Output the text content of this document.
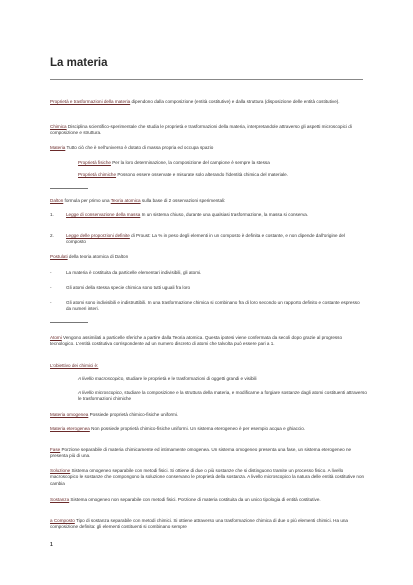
La materia
Proprietà e trasformazioni della materia dipendono dalla composizione (entità costitutive) e dalla struttura (disposizione delle entità costitutive).
Chimica Disciplina scientifico-sperimentale che studia le proprietà e trasformazioni della materia, interpretandole attraverso gli aspetti microscopici di composizione e struttura.
Materia Tutto ciò che è nell'universo è dotato di massa propria ed occupa spazio
Proprietà fisiche Per la loro determinazione, la composizione del campione è sempre la stessa
Proprietà chimiche Possono essere osservate e misurate solo alterando l'identità chimica del materiale.
Dalton formula per primo una Teoria atomica sulla base di 2 osservazioni sperimentali:
1.	Legge di conservazione della massa In un sistema chiuso, durante una qualsiasi trasformazione, la massa si conserva.
2.	Legge delle proporzioni definite di Proust: La % in peso degli elementi in un composto è definita e costante, e non dipende dall'origine del composto
Postulati della teoria atomica di Dalton
-	La materia è costituita da particelle elementari indivisibili, gli atomi.
-	Gli atomi della stessa specie chimica sono tutti uguali fra loro
-	Gli atomi sono indivisibili e indistruttibili. In una trasformazione chimica si combinano fra di loro secondo un rapporto definito e costante espresso da numeri interi.
Atomi Vengono assimilati a particelle sferiche a partire dalla Teoria atomica. Questa ipotesi viene confermata da secoli dopo grazie al progresso tecnologico. L'entità costitutiva corrispondente ad un numero discreto di atomi che talvolta può essere pari a 1.
L'obiettivo dei chimici è:
A livello macroscopico, studiare le proprietà e le trasformazioni di oggetti grandi e visibili
A livello microscopico, studiare la composizione e la struttura della materia, e modificarne a forgiare sostanze dagli atomi costituenti attraverso le trasformazioni chimiche
Materia omogenea Possiede proprietà chimico-fisiche uniformi.
Materia eterogenea Non possiede proprietà chimico-fisiche uniformi. Un sistema eterogeneo è per esempio acqua e ghiaccio.
Fase Porzione separabile di materia chimicamente ed intimamente omogenea. Un sistema omogeneo presenta una fase, un sistema eterogeneo ne presenta più di una.
Soluzione Sistema omogeneo separabile con metodi fisici. Si ottiene di due o più sostanze che si distinguono tramite un processo fisico. A livello macroscopico le sostanze che compongono la soluzione conservano le proprietà della sostanza. A livello microscopico la natura delle entità costitutive non cambia
Sostanza Sistema omogeneo non separabile con metodi fisici. Porzione di materia costituita da un unico tipologia di entità costitutive.
a Composto Tipo di sostanza separabile con metodi chimici. Si ottiene attraverso una trasformazione chimica di due o più elementi chimici. Ha una composizione definita: gli elementi costituenti si combinano sempre
1
